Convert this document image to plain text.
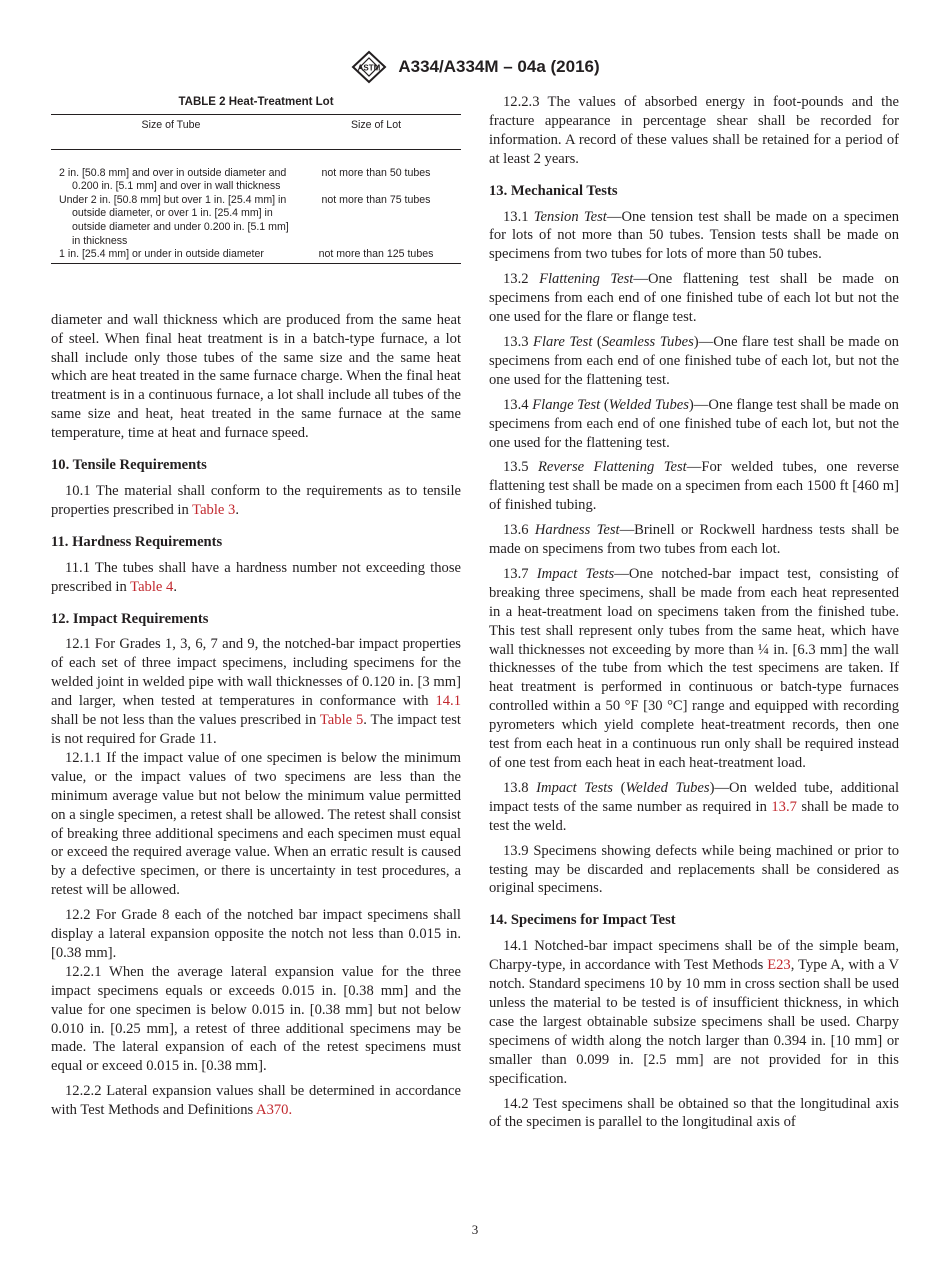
ASTM A334/A334M – 04a (2016)
TABLE 2 Heat-Treatment Lot
Size of Tube	Size of Lot

2 in. [50.8 mm] and over in outside diameter and 0.200 in. [5.1 mm] and over in wall thickness	not more than 50 tubes

Under 2 in. [50.8 mm] but over 1 in. [25.4 mm] in outside diameter, or over 1 in. [25.4 mm] in outside diameter and under 0.200 in. [5.1 mm] in thickness	not more than 75 tubes

1 in. [25.4 mm] or under in outside diameter	not more than 125 tubes

diameter and wall thickness which are produced from the same heat of steel. When final heat treatment is in a batch-type furnace, a lot shall include only those tubes of the same size and the same heat which are heat treated in the same furnace charge. When the final heat treatment is in a continuous furnace, a lot shall include all tubes of the same size and heat, heat treated in the same furnace at the same temperature, time at heat and furnace speed.

10. Tensile Requirements

10.1 The material shall conform to the requirements as to tensile properties prescribed in Table 3.

11. Hardness Requirements

11.1 The tubes shall have a hardness number not exceeding those prescribed in Table 4.

12. Impact Requirements

12.1 For Grades 1, 3, 6, 7 and 9, the notched-bar impact properties of each set of three impact specimens, including specimens for the welded joint in welded pipe with wall thicknesses of 0.120 in. [3 mm] and larger, when tested at temperatures in conformance with 14.1 shall be not less than the values prescribed in Table 5. The impact test is not required for Grade 11.

12.1.1 If the impact value of one specimen is below the minimum value, or the impact values of two specimens are less than the minimum average value but not below the minimum value permitted on a single specimen, a retest shall be allowed. The retest shall consist of breaking three additional specimens and each specimen must equal or exceed the required average value. When an erratic result is caused by a defective specimen, or there is uncertainty in test procedures, a retest will be allowed.

12.2 For Grade 8 each of the notched bar impact specimens shall display a lateral expansion opposite the notch not less than 0.015 in. [0.38 mm].

12.2.1 When the average lateral expansion value for the three impact specimens equals or exceeds 0.015 in. [0.38 mm] and the value for one specimen is below 0.015 in. [0.38 mm] but not below 0.010 in. [0.25 mm], a retest of three additional specimens may be made. The lateral expansion of each of the retest specimens must equal or exceed 0.015 in. [0.38 mm].

12.2.2 Lateral expansion values shall be determined in accordance with Test Methods and Definitions A370.

12.2.3 The values of absorbed energy in foot-pounds and the fracture appearance in percentage shear shall be recorded for information. A record of these values shall be retained for a period of at least 2 years.

13. Mechanical Tests

13.1 Tension Test—One tension test shall be made on a specimen for lots of not more than 50 tubes. Tension tests shall be made on specimens from two tubes for lots of more than 50 tubes.

13.2 Flattening Test—One flattening test shall be made on specimens from each end of one finished tube of each lot but not the one used for the flare or flange test.

13.3 Flare Test (Seamless Tubes)—One flare test shall be made on specimens from each end of one finished tube of each lot, but not the one used for the flattening test.

13.4 Flange Test (Welded Tubes)—One flange test shall be made on specimens from each end of one finished tube of each lot, but not the one used for the flattening test.

13.5 Reverse Flattening Test—For welded tubes, one reverse flattening test shall be made on a specimen from each 1500 ft [460 m] of finished tubing.

13.6 Hardness Test—Brinell or Rockwell hardness tests shall be made on specimens from two tubes from each lot.

13.7 Impact Tests—One notched-bar impact test, consisting of breaking three specimens, shall be made from each heat represented in a heat-treatment load on specimens taken from the finished tube. This test shall represent only tubes from the same heat, which have wall thicknesses not exceeding by more than ¼ in. [6.3 mm] the wall thicknesses of the tube from which the test specimens are taken. If heat treatment is performed in continuous or batch-type furnaces controlled within a 50 °F [30 °C] range and equipped with recording pyrometers which yield complete heat-treatment records, then one test from each heat in a continuous run only shall be required instead of one test from each heat in each heat-treatment load.

13.8 Impact Tests (Welded Tubes)—On welded tube, additional impact tests of the same number as required in 13.7 shall be made to test the weld.

13.9 Specimens showing defects while being machined or prior to testing may be discarded and replacements shall be considered as original specimens.

14. Specimens for Impact Test

14.1 Notched-bar impact specimens shall be of the simple beam, Charpy-type, in accordance with Test Methods E23, Type A, with a V notch. Standard specimens 10 by 10 mm in cross section shall be used unless the material to be tested is of insufficient thickness, in which case the largest obtainable subsize specimens shall be used. Charpy specimens of width along the notch larger than 0.394 in. [10 mm] or smaller than 0.099 in. [2.5 mm] are not provided for in this specification.

14.2 Test specimens shall be obtained so that the longitudinal axis of the specimen is parallel to the longitudinal axis of

3
